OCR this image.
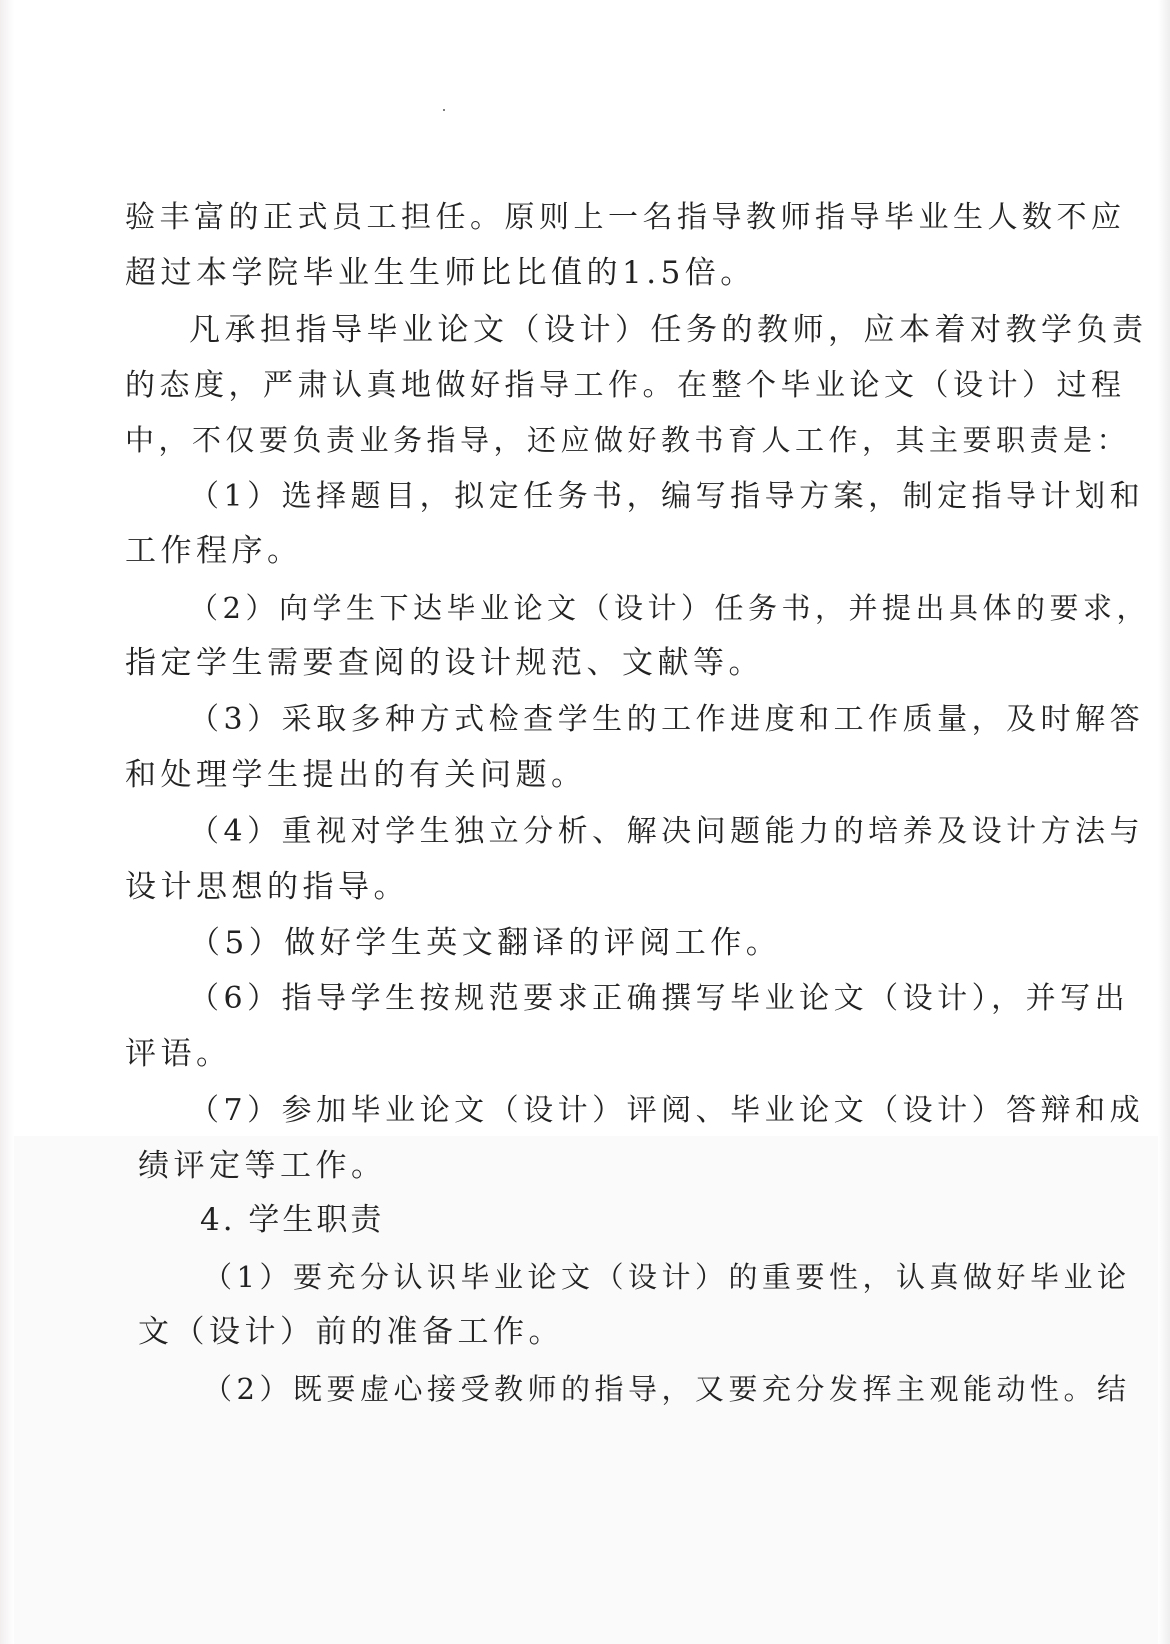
验丰富的正式员工担任。原则上一名指导教师指导毕业生人数不应
超过本学院毕业生生师比比值的1.5倍。
凡承担指导毕业论文（设计）任务的教师，应本着对教学负责
的态度，严肃认真地做好指导工作。在整个毕业论文（设计）过程
中，不仅要负责业务指导，还应做好教书育人工作，其主要职责是：
（1）选择题目，拟定任务书，编写指导方案，制定指导计划和
工作程序。
（2）向学生下达毕业论文（设计）任务书，并提出具体的要求，
指定学生需要查阅的设计规范、文献等。
（3）采取多种方式检查学生的工作进度和工作质量，及时解答
和处理学生提出的有关问题。
（4）重视对学生独立分析、解决问题能力的培养及设计方法与
设计思想的指导。
（5）做好学生英文翻译的评阅工作。
（6）指导学生按规范要求正确撰写毕业论文（设计），并写出
评语。
（7）参加毕业论文（设计）评阅、毕业论文（设计）答辩和成
绩评定等工作。
4. 学生职责
（1）要充分认识毕业论文（设计）的重要性，认真做好毕业论
文（设计）前的准备工作。
（2）既要虚心接受教师的指导，又要充分发挥主观能动性。结
